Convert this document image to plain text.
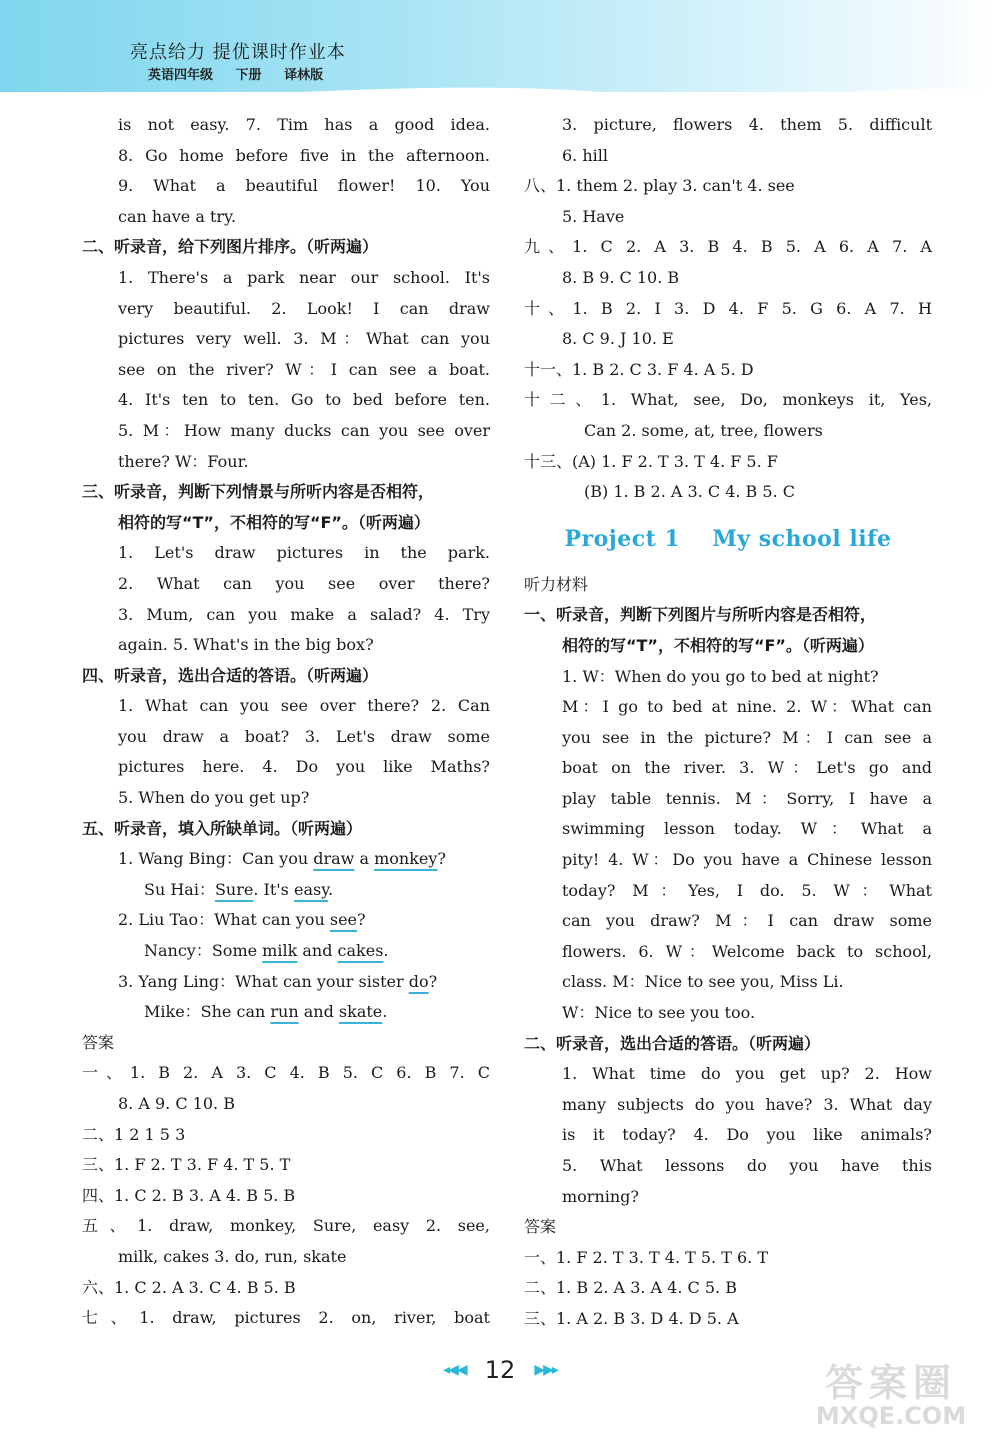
亮点给力 提优课时作业本
英语四年级 下册 译林版
is not easy. 7. Tim has a good idea.
8. Go home before five in the afternoon.
9. What a beautiful flower! 10. You
can have a try.
二、听录音，给下列图片排序。（听两遍）
1. There's a park near our school. It's
very beautiful. 2. Look! I can draw
pictures very well. 3. M：What can you
see on the river? W：I can see a boat.
4. It's ten to ten. Go to bed before ten.
5. M：How many ducks can you see over
there? W：Four.
三、听录音，判断下列情景与所听内容是否相符，
相符的写“T”，不相符的写“F”。（听两遍）
1. Let's draw pictures in the park.
2. What can you see over there?
3. Mum, can you make a salad? 4. Try
again. 5. What's in the big box?
四、听录音，选出合适的答语。（听两遍）
1. What can you see over there? 2. Can
you draw a boat? 3. Let's draw some
pictures here. 4. Do you like Maths?
5. When do you get up?
五、听录音，填入所缺单词。（听两遍）
1. Wang Bing：Can you draw a monkey?
Su Hai：Sure. It's easy.
2. Liu Tao：What can you see?
Nancy：Some milk and cakes.
3. Yang Ling：What can your sister do?
Mike：She can run and skate.
答案
一、1. B 2. A 3. C 4. B 5. C 6. B 7. C
8. A 9. C 10. B
二、1 2 1 5 3
三、1. F 2. T 3. F 4. T 5. T
四、1. C 2. B 3. A 4. B 5. B
五、1. draw, monkey, Sure, easy 2. see,
milk, cakes 3. do, run, skate
六、1. C 2. A 3. C 4. B 5. B
七、1. draw, pictures 2. on, river, boat
3. picture, flowers 4. them 5. difficult
6. hill
八、1. them 2. play 3. can't 4. see
5. Have
九、1. C 2. A 3. B 4. B 5. A 6. A 7. A
8. B 9. C 10. B
十、1. B 2. I 3. D 4. F 5. G 6. A 7. H
8. C 9. J 10. E
十一、1. B 2. C 3. F 4. A 5. D
十二、1. What, see, Do, monkeys it, Yes,
Can 2. some, at, tree, flowers
十三、(A) 1. F 2. T 3. T 4. F 5. F
(B) 1. B 2. A 3. C 4. B 5. C
Project 1 My school life
听力材料
一、听录音，判断下列图片与所听内容是否相符，
相符的写“T”，不相符的写“F”。（听两遍）
1. W：When do you go to bed at night?
M：I go to bed at nine. 2. W：What can
you see in the picture? M：I can see a
boat on the river. 3. W：Let's go and
play table tennis. M：Sorry, I have a
swimming lesson today. W：What a
pity! 4. W：Do you have a Chinese lesson
today? M：Yes, I do. 5. W：What
can you draw? M：I can draw some
flowers. 6. W：Welcome back to school,
class. M：Nice to see you, Miss Li.
W：Nice to see you too.
二、听录音，选出合适的答语。（听两遍）
1. What time do you get up? 2. How
many subjects do you have? 3. What day
is it today? 4. Do you like animals?
5. What lessons do you have this
morning?
答案
一、1. F 2. T 3. T 4. T 5. T 6. T
二、1. B 2. A 3. A 4. C 5. B
三、1. A 2. B 3. D 4. D 5. A
◂◀◀ 12 ▶▶▸	答案圈
MXQE.COM
